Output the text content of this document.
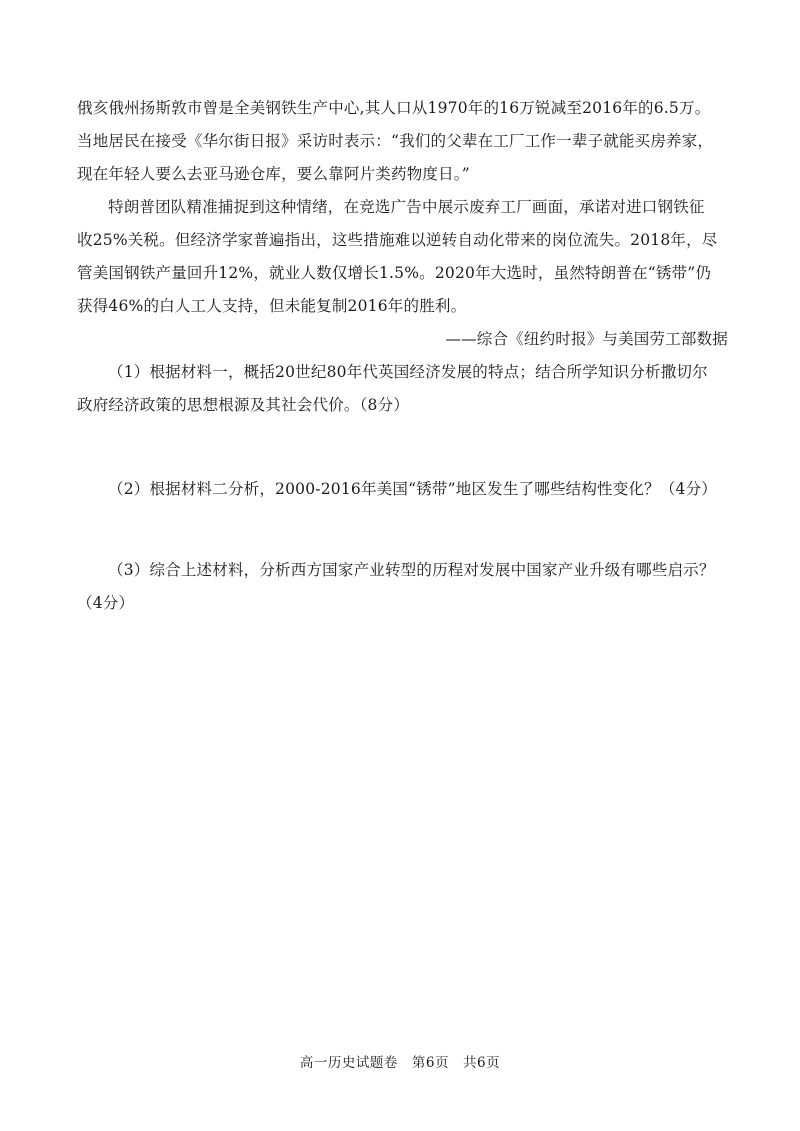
俄亥俄州扬斯敦市曾是全美钢铁生产中心,其人口从1970年的16万锐减至2016年的6.5万。
当地居民在接受《华尔街日报》采访时表示：“我们的父辈在工厂工作一辈子就能买房养家，
现在年轻人要么去亚马逊仓库，要么靠阿片类药物度日。”
特朗普团队精准捕捉到这种情绪，在竞选广告中展示废弃工厂画面，承诺对进口钢铁征
收25%关税。但经济学家普遍指出，这些措施难以逆转自动化带来的岗位流失。2018年，尽
管美国钢铁产量回升12%，就业人数仅增长1.5%。2020年大选时，虽然特朗普在“锈带”仍
获得46%的白人工人支持，但未能复制2016年的胜利。
——综合《纽约时报》与美国劳工部数据
（1）根据材料一，概括20世纪80年代英国经济发展的特点；结合所学知识分析撒切尔
政府经济政策的思想根源及其社会代价。（8分）
（2）根据材料二分析，2000-2016年美国“锈带”地区发生了哪些结构性变化？（4分）
（3）综合上述材料，分析西方国家产业转型的历程对发展中国家产业升级有哪些启示？
（4分）
高一历史试题卷　第6页　共6页
